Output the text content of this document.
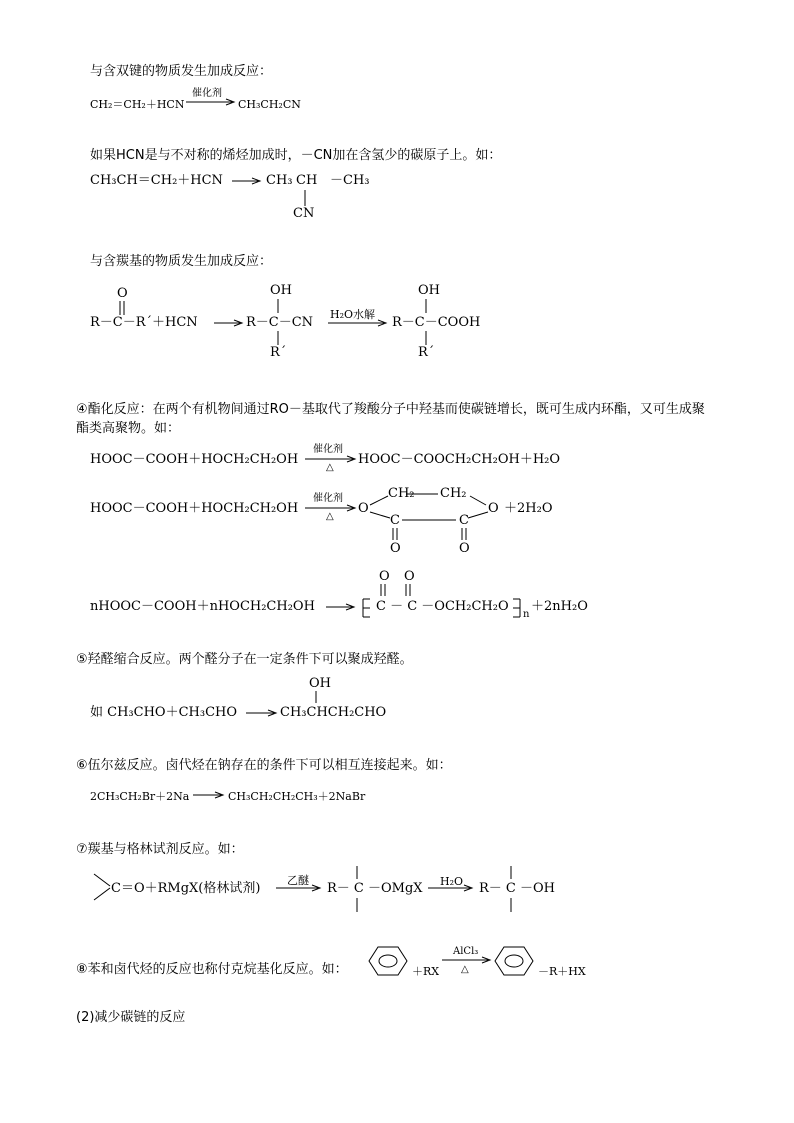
与含双键的物质发生加成反应：
CH₂＝CH₂＋HCN
催化剂
→ CH₃CH₂CN
如果HCN是与不对称的烯烃加成时，－CN加在含氢少的碳原子上。如：
CH₃CH＝CH₂＋HCN → CH₃ CH －CH₃
CN
与含羰基的物质发生加成反应：
O
R－C－R´＋HCN →
OH
R－C－CN
R´
H₂O水解
OH
R－C－COOH
R´
④酯化反应：在两个有机物间通过RO－基取代了羧酸分子中羟基而使碳链增长，既可生成内环酯，又可生成聚
酯类高聚物。如：
HOOC－COOH＋HOCH₂CH₂OH
催化剂
△
HOOC－COOCH₂CH₂OH＋H₂O
HOOC－COOH＋HOCH₂CH₂OH
催化剂
△
CH₂ CH₂
O	O
C	C
O	O
＋2H₂O
O O
nHOOC－COOH＋nHOCH₂CH₂OH → C － C －OCH₂CH₂O
n
＋2nH₂O
⑤羟醛缩合反应。两个醛分子在一定条件下可以聚成羟醛。
OH
如 CH₃CHO＋CH₃CHO → CH₃CHCH₂CHO
⑥伍尔兹反应。卤代烃在钠存在的条件下可以相互连接起来。如：
2CH₃CH₂Br＋2Na → CH₃CH₂CH₂CH₃＋2NaBr
⑦羰基与格林试剂反应。如：
C＝O＋RMgX(格林试剂)
乙醚
→ R－ C －OMgX H₂O → R－ C －OH
⑧苯和卤代烃的反应也称付克烷基化反应。如：	＋RX
AlCl₃
△	－R＋HX
(2)减少碳链的反应
